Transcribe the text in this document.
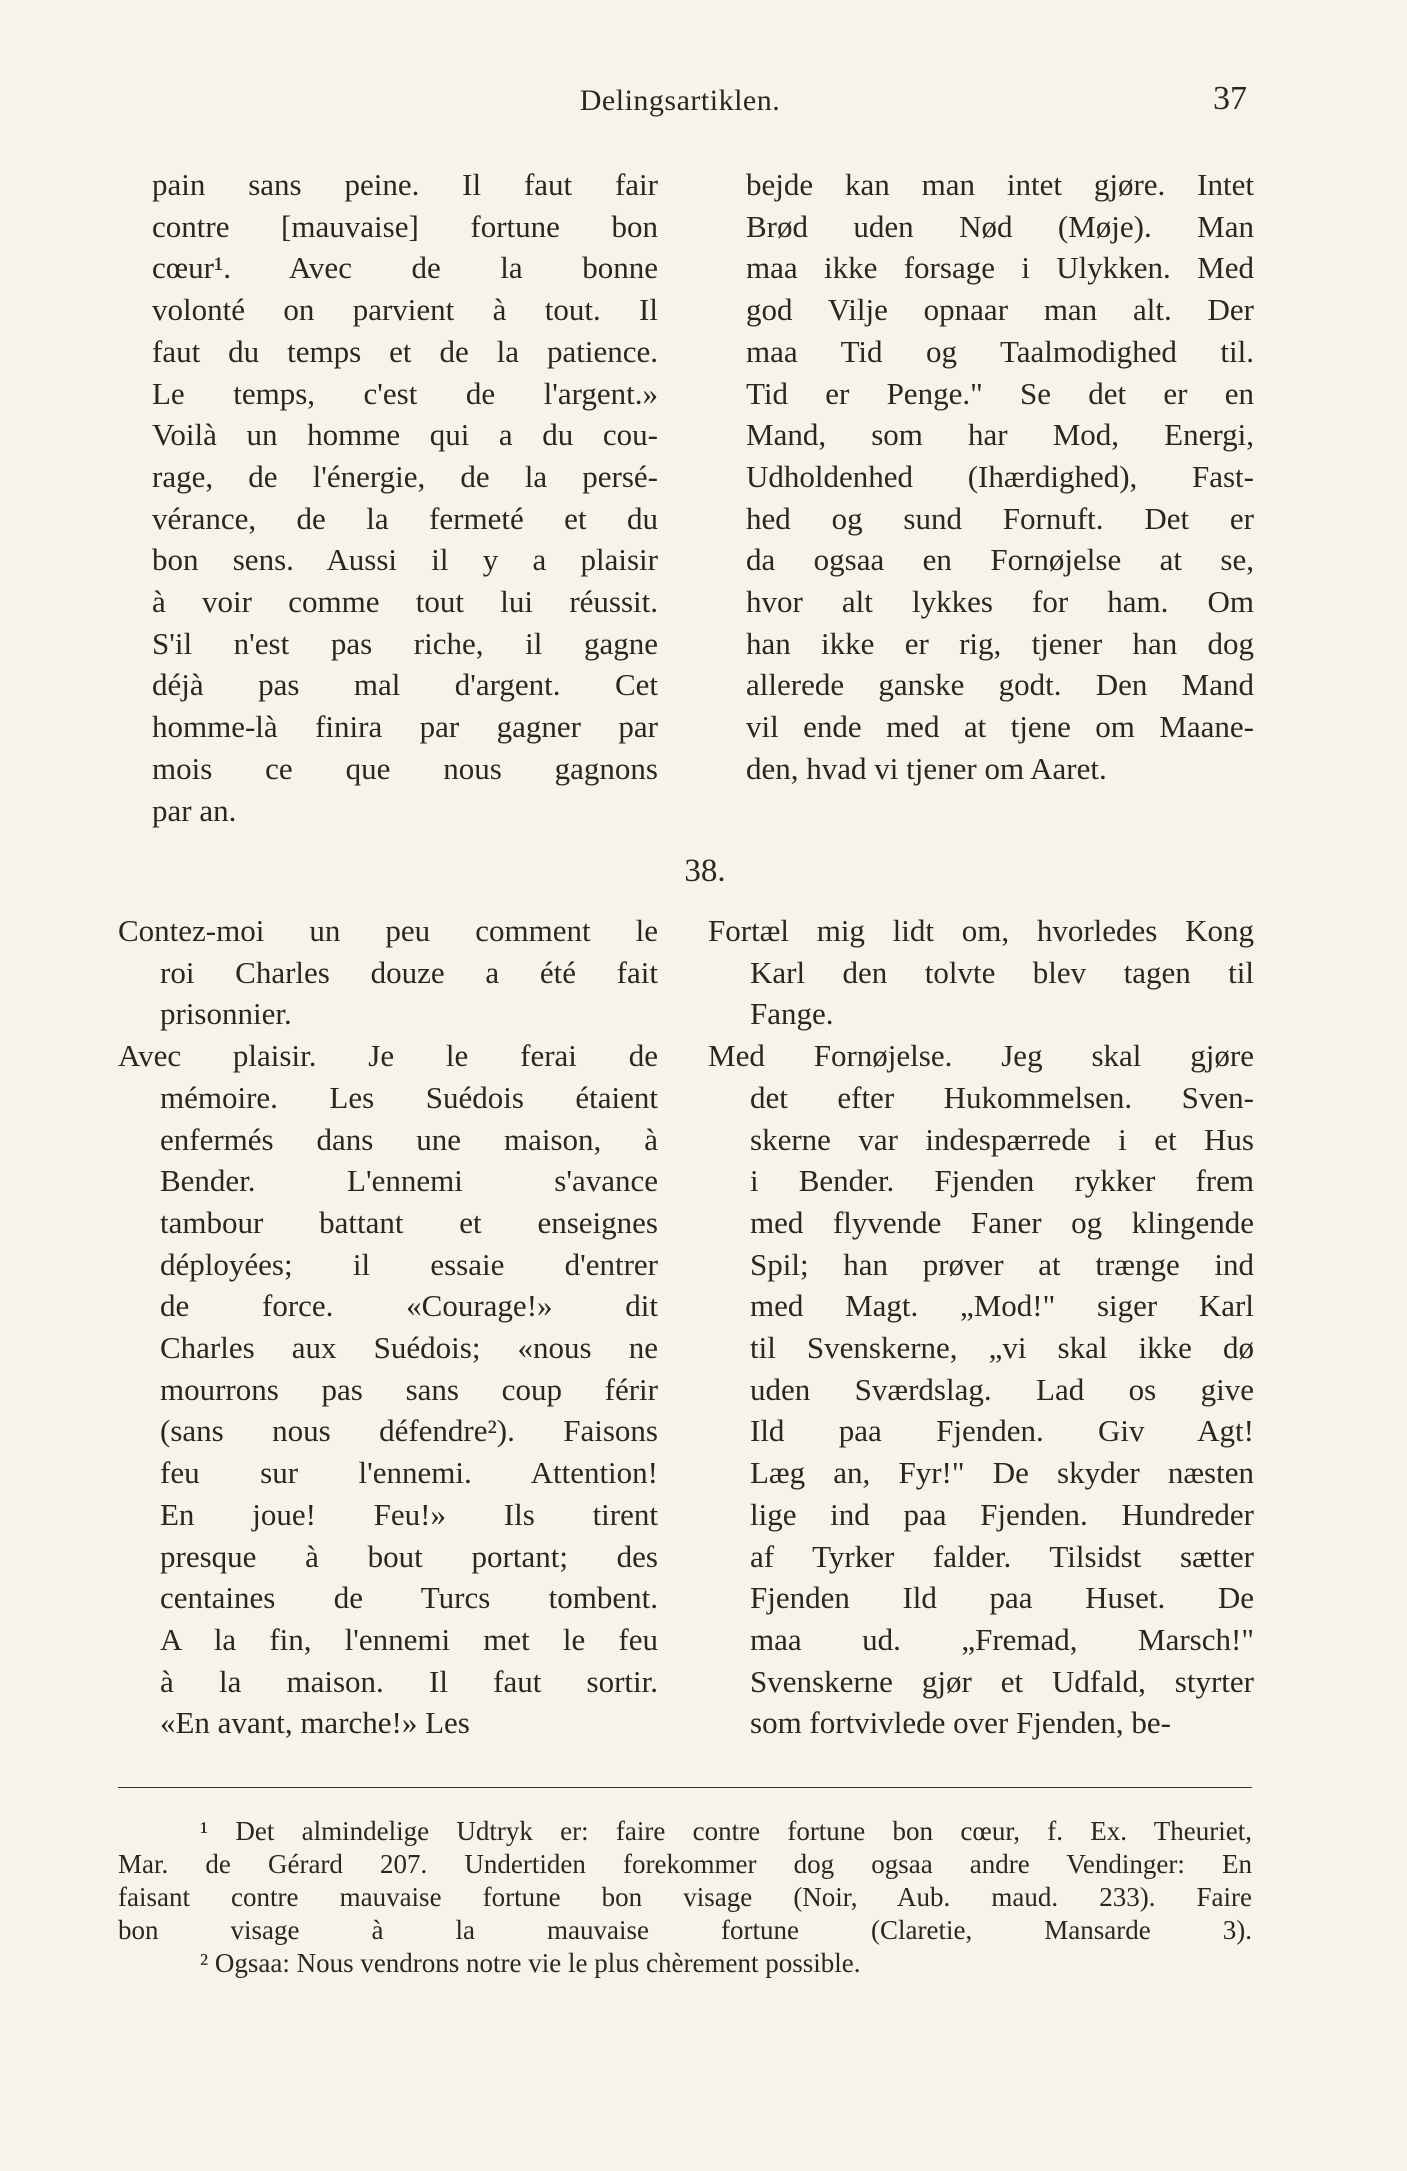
Delingsartiklen.	37
pain sans peine. Il faut fair
contre [mauvaise] fortune bon
cœur¹. Avec de la bonne
volonté on parvient à tout. Il
faut du temps et de la patience.
Le temps, c'est de l'argent.»
Voilà un homme qui a du cou-
rage, de l'énergie, de la persé-
vérance, de la fermeté et du
bon sens. Aussi il y a plaisir
à voir comme tout lui réussit.
S'il n'est pas riche, il gagne
déjà pas mal d'argent. Cet
homme-là finira par gagner par
mois ce que nous gagnons
par an.
bejde kan man intet gjøre. Intet
Brød uden Nød (Møje). Man
maa ikke forsage i Ulykken. Med
god Vilje opnaar man alt. Der
maa Tid og Taalmodighed til.
Tid er Penge." Se det er en
Mand, som har Mod, Energi,
Udholdenhed (Ihærdighed), Fast-
hed og sund Fornuft. Det er
da ogsaa en Fornøjelse at se,
hvor alt lykkes for ham. Om
han ikke er rig, tjener han dog
allerede ganske godt. Den Mand
vil ende med at tjene om Maane-
den, hvad vi tjener om Aaret.
38.
Contez-moi un peu comment le
roi Charles douze a été fait
prisonnier.
Avec plaisir. Je le ferai de
mémoire. Les Suédois étaient
enfermés dans une maison, à
Bender. L'ennemi s'avance
tambour battant et enseignes
déployées; il essaie d'entrer
de force. «Courage!» dit
Charles aux Suédois; «nous ne
mourrons pas sans coup férir
(sans nous défendre²). Faisons
feu sur l'ennemi. Attention!
En joue! Feu!» Ils tirent
presque à bout portant; des
centaines de Turcs tombent.
A la fin, l'ennemi met le feu
à la maison. Il faut sortir.
«En avant, marche!» Les
Fortæl mig lidt om, hvorledes Kong
Karl den tolvte blev tagen til
Fange.
Med Fornøjelse. Jeg skal gjøre
det efter Hukommelsen. Sven-
skerne var indespærrede i et Hus
i Bender. Fjenden rykker frem
med flyvende Faner og klingende
Spil; han prøver at trænge ind
med Magt. „Mod!" siger Karl
til Svenskerne, „vi skal ikke dø
uden Sværdslag. Lad os give
Ild paa Fjenden. Giv Agt!
Læg an, Fyr!" De skyder næsten
lige ind paa Fjenden. Hundreder
af Tyrker falder. Tilsidst sætter
Fjenden Ild paa Huset. De
maa ud. „Fremad, Marsch!"
Svenskerne gjør et Udfald, styrter
som fortvivlede over Fjenden, be-
¹ Det almindelige Udtryk er: faire contre fortune bon cœur, f. Ex. Theuriet,
Mar. de Gérard 207. Undertiden forekommer dog ogsaa andre Vendinger: En
faisant contre mauvaise fortune bon visage (Noir, Aub. maud. 233). Faire
bon visage à la mauvaise fortune (Claretie, Mansarde 3).
² Ogsaa: Nous vendrons notre vie le plus chèrement possible.
